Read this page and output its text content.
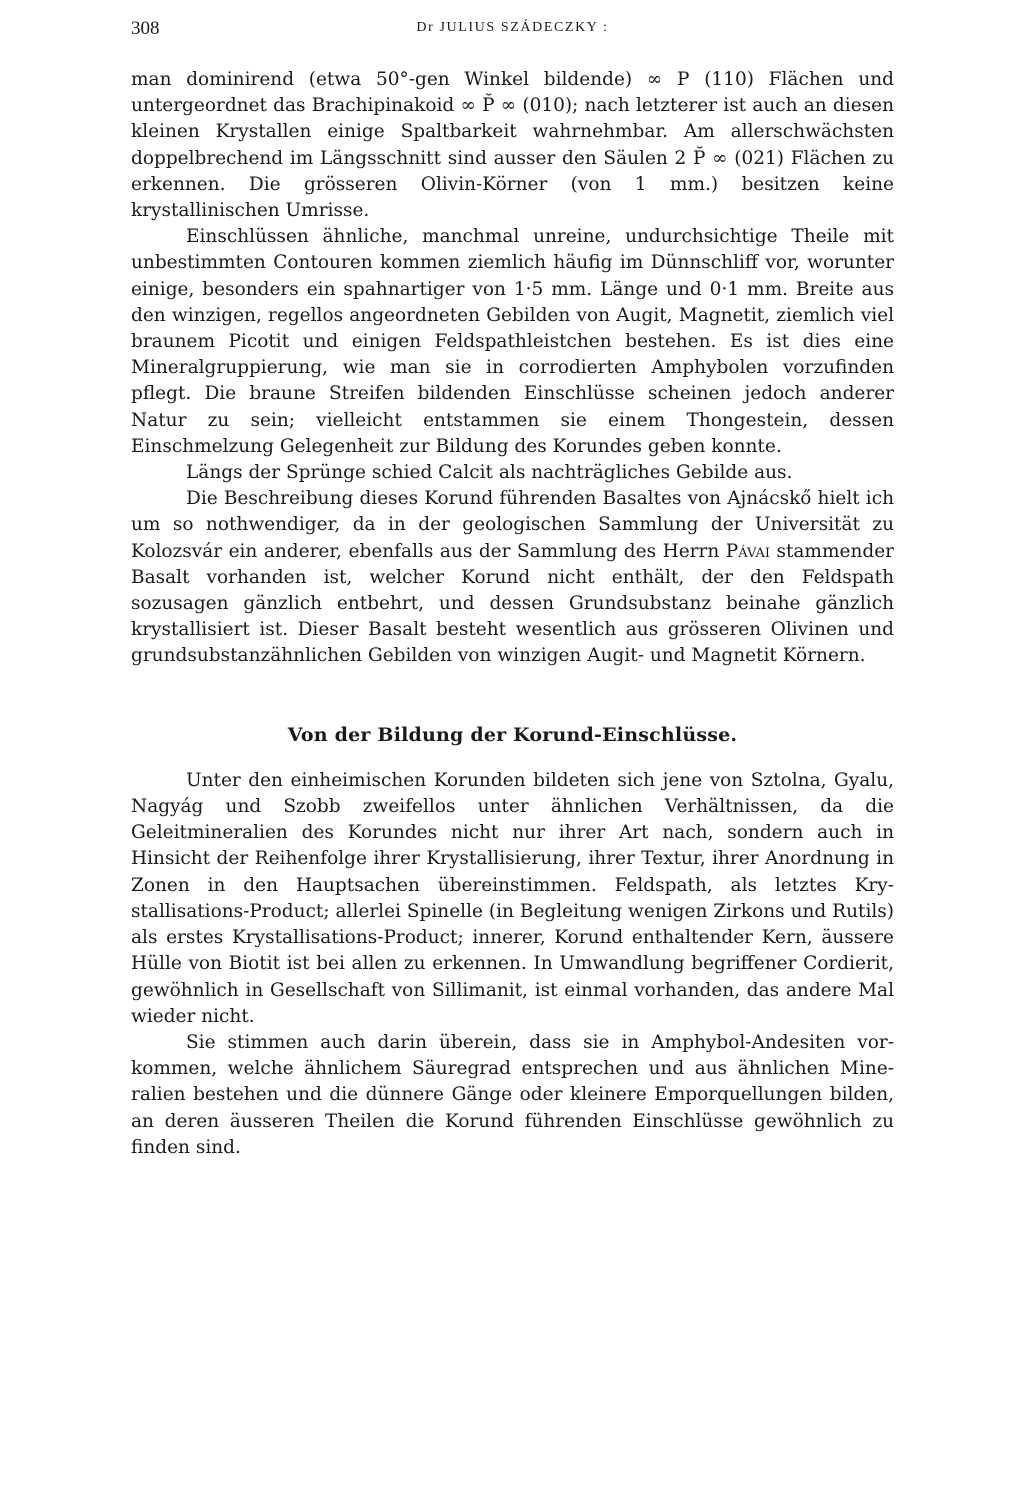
308	Dr JULIUS SZÁDECZKY :

man dominirend (etwa 50°-gen Winkel bildende) ∞ P (110) Flächen und untergeordnet das Brachipinakoid ∞ P̆ ∞ (010); nach letzterer ist auch an diesen kleinen Krystallen einige Spaltbarkeit wahrnehmbar. Am allerschwächsten doppelbrechend im Längsschnitt sind ausser den Säulen 2 P̆ ∞ (021) Flächen zu erkennen. Die grösseren Olivin-Körner (von 1 mm.) besitzen keine krystallinischen Umrisse.

Einschlüssen ähnliche, manchmal unreine, undurchsichtige Theile mit unbestimmten Contouren kommen ziemlich häufig im Dünnschliff vor, worunter einige, besonders ein spahnartiger von 1·5 mm. Länge und 0·1 mm. Breite aus den winzigen, regellos angeordneten Gebilden von Augit, Magnetit, ziemlich viel braunem Picotit und einigen Feldspathleistchen bestehen. Es ist dies eine Mineralgruppierung, wie man sie in corrodierten Amphybolen vorzufinden pflegt. Die braune Streifen bildenden Einschlüsse scheinen jedoch anderer Natur zu sein; vielleicht entstammen sie einem Thongestein, dessen Einschmelzung Gelegenheit zur Bildung des Korundes geben konnte.

Längs der Sprünge schied Calcit als nachträgliches Gebilde aus.

Die Beschreibung dieses Korund führenden Basaltes von Ajnácskő hielt ich um so nothwendiger, da in der geologischen Sammlung der Universität zu Kolozsvár ein anderer, ebenfalls aus der Sammlung des Herrn Pávai stammender Basalt vorhanden ist, welcher Korund nicht enthält, der den Feldspath sozusagen gänzlich entbehrt, und dessen Grundsubstanz beinahe gänzlich krystallisiert ist. Dieser Basalt besteht wesentlich aus grösseren Olivinen und grundsubstanzähnlichen Gebilden von winzigen Augit- und Magnetit Körnern.

Von der Bildung der Korund-Einschlüsse.

Unter den einheimischen Korunden bildeten sich jene von Sztolna, Gyalu, Nagyág und Szobb zweifellos unter ähnlichen Verhältnissen, da die Geleitmineralien des Korundes nicht nur ihrer Art nach, sondern auch in Hinsicht der Reihenfolge ihrer Krystallisierung, ihrer Textur, ihrer Anordnung in Zonen in den Hauptsachen übereinstimmen. Feldspath, als letztes Krystallisations-Product; allerlei Spinelle (in Begleitung wenigen Zirkons und Rutils) als erstes Krystallisations-Product; innerer, Korund enthaltender Kern, äussere Hülle von Biotit ist bei allen zu erkennen. In Umwandlung begriffener Cordierit, gewöhnlich in Gesellschaft von Sillimanit, ist einmal vorhanden, das andere Mal wieder nicht.

Sie stimmen auch darin überein, dass sie in Amphybol-Andesiten vorkommen, welche ähnlichem Säuregrad entsprechen und aus ähnlichen Mineralien bestehen und die dünnere Gänge oder kleinere Emporquellungen bilden, an deren äusseren Theilen die Korund führenden Einschlüsse gewöhnlich zu finden sind.
